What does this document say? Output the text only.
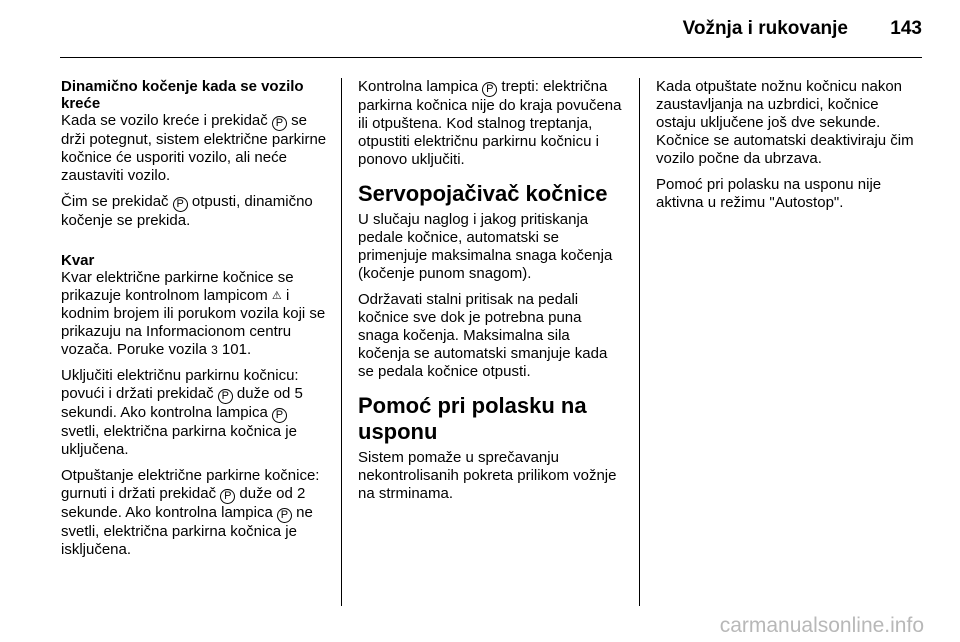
Vožnja i rukovanje 143
Dinamično kočenje kada se vozilo kreće

Kada se vozilo kreće i prekidač P se drži potegnut, sistem električne parkirne kočnice će usporiti vozilo, ali neće zaustaviti vozilo.

Čim se prekidač P otpusti, dinamično kočenje se prekida.

Kvar

Kvar električne parkirne kočnice se prikazuje kontrolnom lampicom ⚠ i kodnim brojem ili porukom vozila koji se prikazuju na Informacionom centru vozača. Poruke vozila 3 101.

Uključiti električnu parkirnu kočnicu: povući i držati prekidač P duže od 5 sekundi. Ako kontrolna lampica P svetli, električna parkirna kočnica je uključena.

Otpuštanje električne parkirne kočnice: gurnuti i držati prekidač P duže od 2 sekunde. Ako kontrolna lampica P ne svetli, električna parkirna kočnica je isključena.

Kontrolna lampica P trepti: električna parkirna kočnica nije do kraja povučena ili otpuštena. Kod stalnog treptanja, otpustiti električnu parkirnu kočnicu i ponovo uključiti.

Servopojačivač kočnice

U slučaju naglog i jakog pritiskanja pedale kočnice, automatski se primenjuje maksimalna snaga kočenja (kočenje punom snagom).

Održavati stalni pritisak na pedali kočnice sve dok je potrebna puna snaga kočenja. Maksimalna sila kočenja se automatski smanjuje kada se pedala kočnice otpusti.

Pomoć pri polasku na usponu

Sistem pomaže u sprečavanju nekontrolisanih pokreta prilikom vožnje na strminama.

Kada otpuštate nožnu kočnicu nakon zaustavljanja na uzbrdici, kočnice ostaju uključene još dve sekunde. Kočnice se automatski deaktiviraju čim vozilo počne da ubrzava.

Pomoć pri polasku na usponu nije aktivna u režimu "Autostop".

carmanualsonline.info
